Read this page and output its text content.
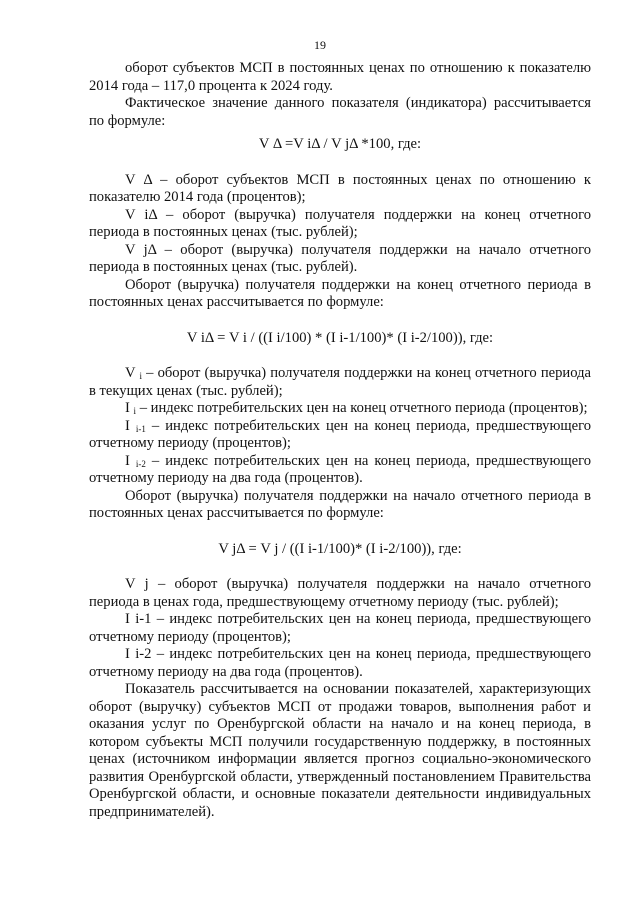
19

оборот субъектов МСП в постоянных ценах по отношению к показателю 2014 года – 117,0 процента к 2024 году.

Фактическое значение данного показателя (индикатора) рассчитывается по формуле:

V Δ =V iΔ / V jΔ *100, где:

V Δ – оборот субъектов МСП в постоянных ценах по отношению к показателю 2014 года (процентов);

V iΔ – оборот (выручка) получателя поддержки на конец отчетного периода в постоянных ценах (тыс. рублей);

V jΔ – оборот (выручка) получателя поддержки на начало отчетного периода в постоянных ценах (тыс. рублей).

Оборот (выручка) получателя поддержки на конец отчетного периода в постоянных ценах рассчитывается по формуле:

V iΔ = V i / ((I i/100) * (I i-1/100)* (I i-2/100)), где:

V $_i$ – оборот (выручка) получателя поддержки на конец отчетного периода в текущих ценах (тыс. рублей);

I $_i$ – индекс потребительских цен на конец отчетного периода (процентов);

I $_{i-1}$ – индекс потребительских цен на конец периода, предшествующего отчетному периоду (процентов);

I $_{i-2}$ – индекс потребительских цен на конец периода, предшествующего отчетному периоду на два года (процентов).

Оборот (выручка) получателя поддержки на начало отчетного периода в постоянных ценах рассчитывается по формуле:

V jΔ = V j / ((I i-1/100)* (I i-2/100)), где:

V j – оборот (выручка) получателя поддержки на начало отчетного периода в ценах года, предшествующему отчетному периоду (тыс. рублей);

I i-1 – индекс потребительских цен на конец периода, предшествующего отчетному периоду (процентов);

I i-2 – индекс потребительских цен на конец периода, предшествующего отчетному периоду на два года (процентов).

Показатель рассчитывается на основании показателей, характеризующих оборот (выручку) субъектов МСП от продажи товаров, выполнения работ и оказания услуг по Оренбургской области на начало и на конец периода, в котором субъекты МСП получили государственную поддержку, в постоянных ценах (источником информации является прогноз социально-экономического развития Оренбургской области, утвержденный постановлением Правительства Оренбургской области, и основные показатели деятельности индивидуальных предпринимателей).
